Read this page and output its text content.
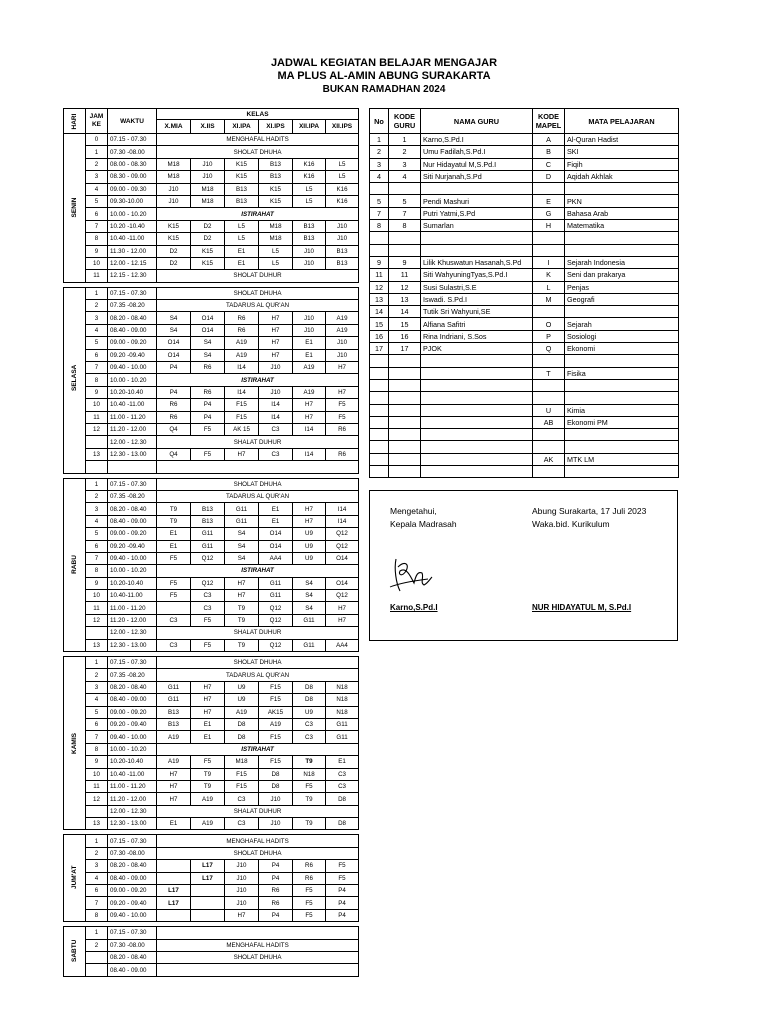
JADWAL KEGIATAN BELAJAR MENGAJAR
MA PLUS AL-AMIN ABUNG SURAKARTA
BUKAN RAMADHAN 2024
HARI	JAM KE	WAKTU	KELAS					
			X.MIA	X.IIS	XI.IPA	XI.IPS	XII.IPA	XII.IPS

SENIN	0	07.15 - 07.30	MENGHAFAL HADITS					
	1	07.30 -08.00	SHOLAT DHUHA					
	2	08.00 - 08.30	M18	J10	K15	B13	K16	L5
	3	08.30 - 09.00	M18	J10	K15	B13	K16	L5
	4	09.00 - 09.30	J10	M18	B13	K15	L5	K16
	5	09.30-10.00	J10	M18	B13	K15	L5	K16
	6	10.00 - 10.20	ISTIRAHAT					
	7	10.20 -10.40	K15	D2	L5	M18	B13	J10
	8	10.40 -11.00	K15	D2	L5	M18	B13	J10
	9	11.30 - 12.00	D2	K15	E1	L5	J10	B13
	10	12.00 - 12.15	D2	K15	E1	L5	J10	B13
	11	12.15 - 12.30	SHOLAT DUHUR					

SELASA	1	07.15 - 07.30	SHOLAT DHUHA					
	2	07.35 -08.20	TADARUS AL QUR'AN					
	3	08.20 - 08.40	S4	O14	R6	H7	J10	A19
	4	08.40 - 09.00	S4	O14	R6	H7	J10	A19
	5	09.00 - 09.20	O14	S4	A19	H7	E1	J10
	6	09.20 -09.40	O14	S4	A19	H7	E1	J10
	7	09.40 - 10.00	P4	R6	I14	J10	A19	H7
	8	10.00 - 10.20	ISTIRAHAT					
	9	10.20-10.40	P4	R6	I14	J10	A19	H7
	10	10.40 -11.00	R6	P4	F15	I14	H7	F5
	11	11.00 - 11.20	R6	P4	F15	I14	H7	F5
	12	11.20 - 12.00	Q4	F5	AK 15	C3	I14	R6
		12.00 - 12.30	SHALAT DUHUR					
	13	12.30 - 13.00	Q4	F5	H7	C3	I14	R6

RABU	1	07.15 - 07.30	SHOLAT DHUHA					
	2	07.35 -08.20	TADARUS AL QUR'AN					
	3	08.20 - 08.40	T9	B13	G11	E1	H7	I14
	4	08.40 - 09.00	T9	B13	G11	E1	H7	I14
	5	09.00 - 09.20	E1	G11	S4	O14	U9	Q12
	6	09.20 -09.40	E1	G11	S4	O14	U9	Q12
	7	09.40 - 10.00	F5	Q12	S4	AA4	U9	O14
	8	10.00 - 10.20	ISTIRAHAT					
	9	10.20-10.40	F5	Q12	H7	G11	S4	O14
	10	10.40-11.00	F5	C3	H7	G11	S4	Q12
	11	11.00 - 11.20		C3	T9	Q12	S4	H7
	12	11.20 - 12.00	C3	F5	T9	Q12	G11	H7
		12.00 - 12.30	SHALAT DUHUR					
	13	12.30 - 13.00	C3	F5	T9	Q12	G11	AA4

KAMIS	1	07.15 - 07.30	SHOLAT DHUHA					
	2	07.35 -08.20	TADARUS AL QUR'AN					
	3	08.20 - 08.40	G11	H7	U9	F15	D8	N18
	4	08.40 - 09.00	G11	H7	U9	F15	D8	N18
	5	09.00 - 09.20	B13	H7	A19	AK15	U9	N18
	6	09.20 - 09.40	B13	E1	D8	A19	C3	G11
	7	09.40 - 10.00	A19	E1	D8	F15	C3	G11
	8	10.00 - 10.20	ISTIRAHAT					
	9	10.20-10.40	A19	F5	M18	F15	T9	E1
	10	10.40 -11.00	H7	T9	F15	D8	N18	C3
	11	11.00 - 11.20	H7	T9	F15	D8	F5	C3
	12	11.20 - 12.00	H7	A19	C3	J10	T9	D8
		12.00 - 12.30	SHALAT DUHUR					
	13	12.30 - 13.00	E1	A19	C3	J10	T9	D8

JUM'AT	1	07.15 - 07.30	MENGHAFAL HADITS					
	2	07.30 -08.00	SHOLAT DHUHA					
	3	08.20 - 08.40		L17	J10	P4	R6	F5
	4	08.40 - 09.00		L17	J10	P4	R6	F5
	6	09.00 - 09.20	L17		J10	R6	F5	P4
	7	09.20 - 09.40	L17		J10	R6	F5	P4
	8	09.40 - 10.00			H7	P4	F5	P4

SABTU	1	07.15 - 07.30						
	2	07.30 -08.00	MENGHAFAL HADITS					
		08.20 - 08.40	SHOLAT DHUHA					
		08.40 - 09.00						
No	KODE GURU	NAMA GURU	KODE MAPEL	MATA PELAJARAN
1	1	Karno,S.Pd.I	A	Al-Quran Hadist
2	2	Umu Fadilah,S.Pd.I	B	SKI
3	3	Nur Hidayatul M,S.Pd.I	C	Fiqih
4	4	Siti Nurjanah,S.Pd	D	Aqidah Akhlak

5	5	Pendi Mashuri	E	PKN
7	7	Putri Yatmi,S.Pd	G	Bahasa Arab
8	8	Sumarlan	H	Matematika

9	9	Lilik Khuswatun Hasanah,S.Pd	I	Sejarah Indonesia
11	11	Siti WahyuningTyas,S.Pd.I	K	Seni dan prakarya
12	12	Susi Sulastri,S.E	L	Penjas
13	13	Iswadi. S.Pd.I	M	Geografi
14	14	Tutik Sri Wahyuni,SE		
15	15	Alfiana Safitri	O	Sejarah
16	16	Rina Indriani, S.Sos	P	Sosiologi
17	17	PJOK	Q	Ekonomi

			T	Fisika

			U	Kimia
			AB	Ekonomi PM

			AK	MTK LM

Mengetahui,
Kepala Madrasah
Abung Surakarta, 17 Juli 2023
Waka.bid. Kurikulum
Karno,S.Pd.I	NUR HIDAYATUL M, S.Pd.I
